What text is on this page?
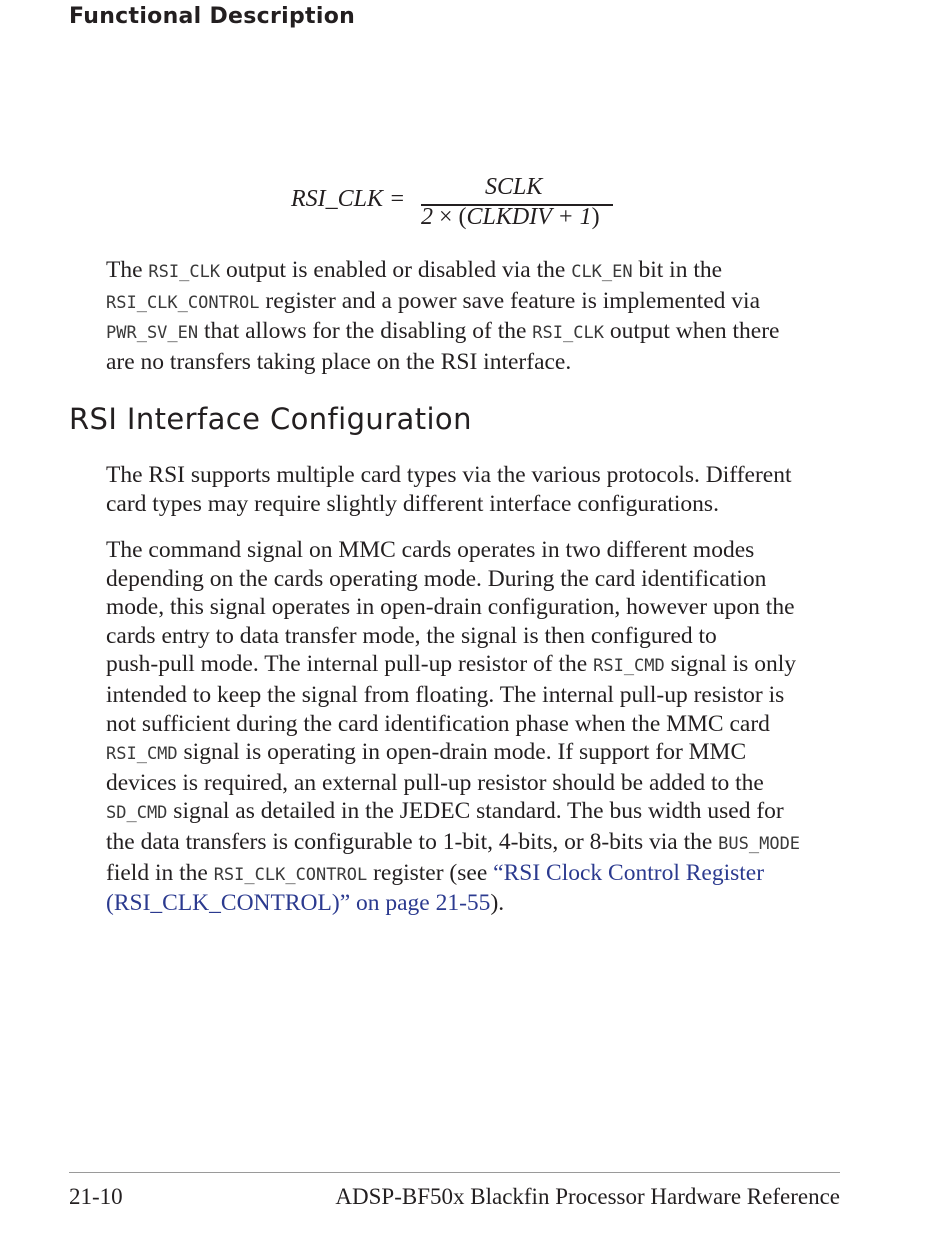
Functional Description
RSI_CLK =	SCLK
2 × (CLKDIV + 1)
The RSI_CLK output is enabled or disabled via the CLK_EN bit in the
RSI_CLK_CONTROL register and a power save feature is implemented via
PWR_SV_EN that allows for the disabling of the RSI_CLK output when there
are no transfers taking place on the RSI interface.
RSI Interface Configuration
The RSI supports multiple card types via the various protocols. Different
card types may require slightly different interface configurations.
The command signal on MMC cards operates in two different modes
depending on the cards operating mode. During the card identification
mode, this signal operates in open-drain configuration, however upon the
cards entry to data transfer mode, the signal is then configured to
push-pull mode. The internal pull-up resistor of the RSI_CMD signal is only
intended to keep the signal from floating. The internal pull-up resistor is
not sufficient during the card identification phase when the MMC card
RSI_CMD signal is operating in open-drain mode. If support for MMC
devices is required, an external pull-up resistor should be added to the
SD_CMD signal as detailed in the JEDEC standard. The bus width used for
the data transfers is configurable to 1-bit, 4-bits, or 8-bits via the BUS_MODE
field in the RSI_CLK_CONTROL register (see “RSI Clock Control Register
(RSI_CLK_CONTROL)” on page 21-55).
21-10	ADSP-BF50x Blackfin Processor Hardware Reference
